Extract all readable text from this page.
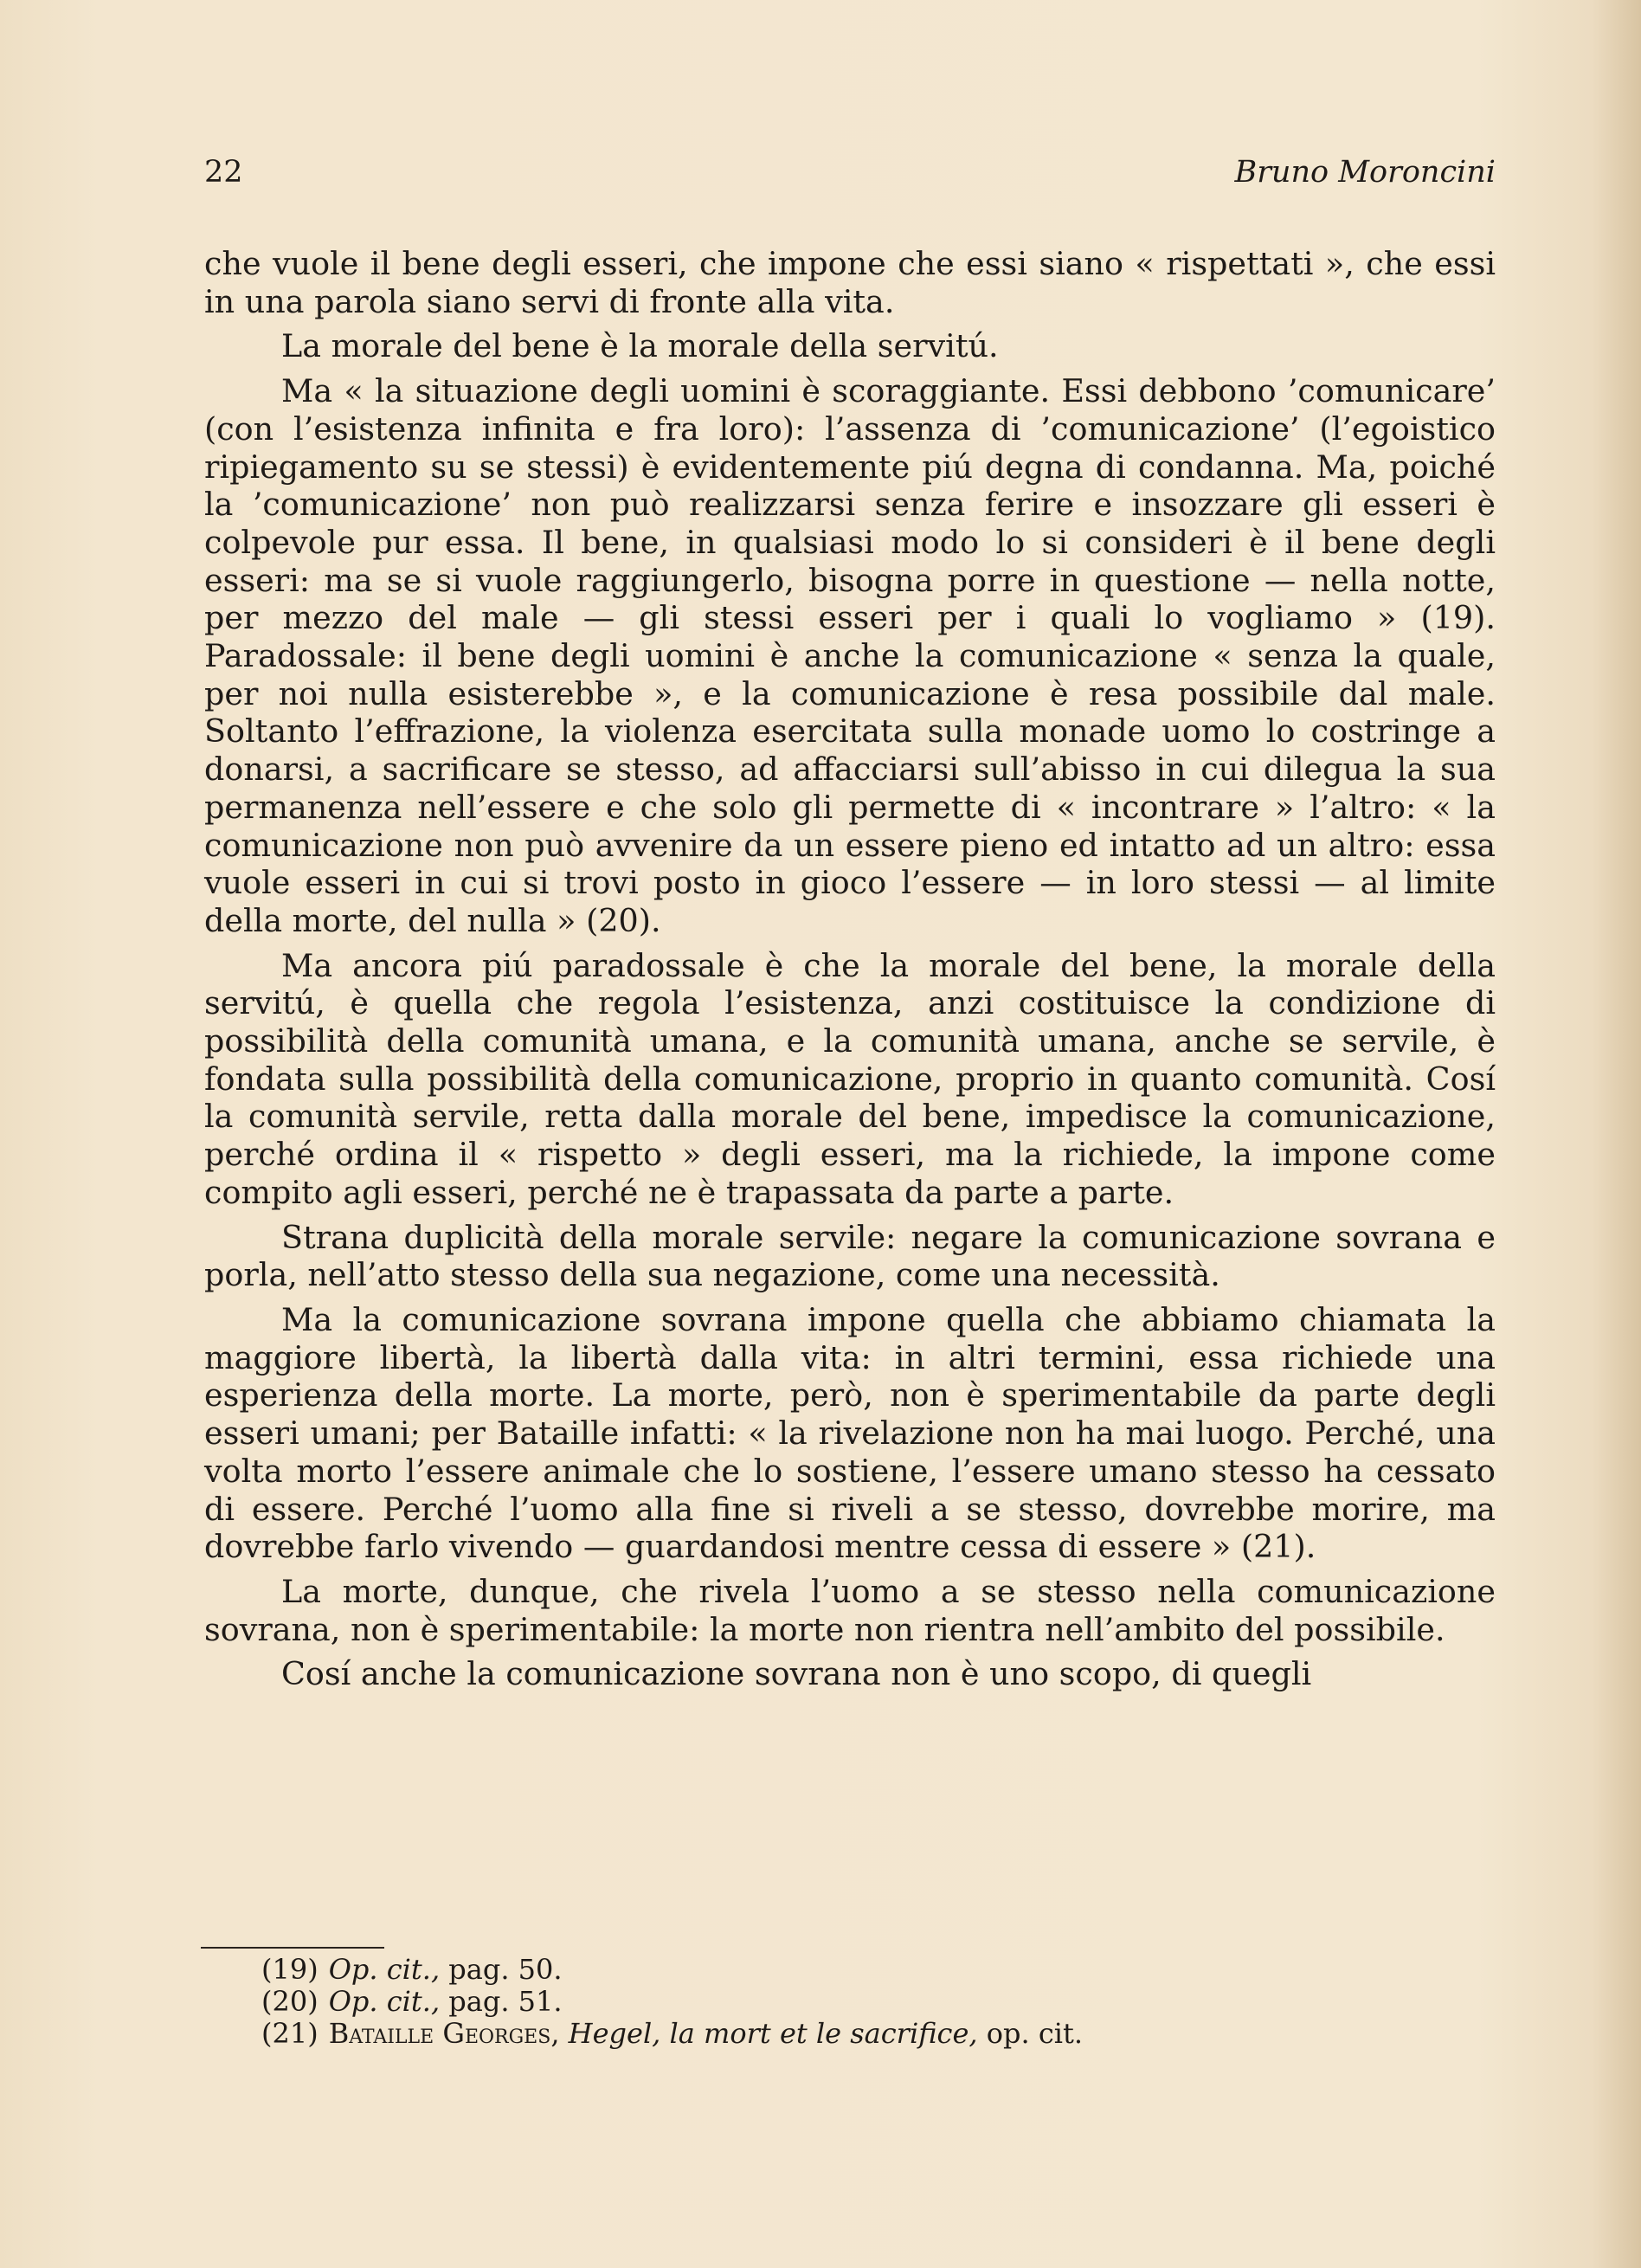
22	Bruno Moroncini

che vuole il bene degli esseri, che impone che essi siano « rispettati », che essi in una parola siano servi di fronte alla vita.

La morale del bene è la morale della servitú.

Ma « la situazione degli uomini è scoraggiante. Essi debbono ’comunicare’ (con l’esistenza infinita e fra loro): l’assenza di ’comunicazione’ (l’egoistico ripiegamento su se stessi) è evidentemente piú degna di condanna. Ma, poiché la ’comunicazione’ non può realizzarsi senza ferire e insozzare gli esseri è colpevole pur essa. Il bene, in qualsiasi modo lo si consideri è il bene degli esseri: ma se si vuole raggiungerlo, bisogna porre in questione — nella notte, per mezzo del male — gli stessi esseri per i quali lo vogliamo » (19). Paradossale: il bene degli uomini è anche la comunicazione « senza la quale, per noi nulla esisterebbe », e la comunicazione è resa possibile dal male. Soltanto l’effrazione, la violenza esercitata sulla monade uomo lo costringe a donarsi, a sacrificare se stesso, ad affacciarsi sull’abisso in cui dilegua la sua permanenza nell’essere e che solo gli permette di « incontrare » l’altro: « la comunicazione non può avvenire da un essere pieno ed intatto ad un altro: essa vuole esseri in cui si trovi posto in gioco l’essere — in loro stessi — al limite della morte, del nulla » (20).

Ma ancora piú paradossale è che la morale del bene, la morale della servitú, è quella che regola l’esistenza, anzi costituisce la condizione di possibilità della comunità umana, e la comunità umana, anche se servile, è fondata sulla possibilità della comunicazione, proprio in quanto comunità. Cosí la comunità servile, retta dalla morale del bene, impedisce la comunicazione, perché ordina il « rispetto » degli esseri, ma la richiede, la impone come compito agli esseri, perché ne è trapassata da parte a parte.

Strana duplicità della morale servile: negare la comunicazione sovrana e porla, nell’atto stesso della sua negazione, come una necessità.

Ma la comunicazione sovrana impone quella che abbiamo chiamata la maggiore libertà, la libertà dalla vita: in altri termini, essa richiede una esperienza della morte. La morte, però, non è sperimentabile da parte degli esseri umani; per Bataille infatti: « la rivelazione non ha mai luogo. Perché, una volta morto l’essere animale che lo sostiene, l’essere umano stesso ha cessato di essere. Perché l’uomo alla fine si riveli a se stesso, dovrebbe morire, ma dovrebbe farlo vivendo — guardandosi mentre cessa di essere » (21).

La morte, dunque, che rivela l’uomo a se stesso nella comunicazione sovrana, non è sperimentabile: la morte non rientra nell’ambito del possibile.

Cosí anche la comunicazione sovrana non è uno scopo, di quegli

(19) Op. cit., pag. 50.
(20) Op. cit., pag. 51.
(21) Bataille Georges, Hegel, la mort et le sacrifice, op. cit.
